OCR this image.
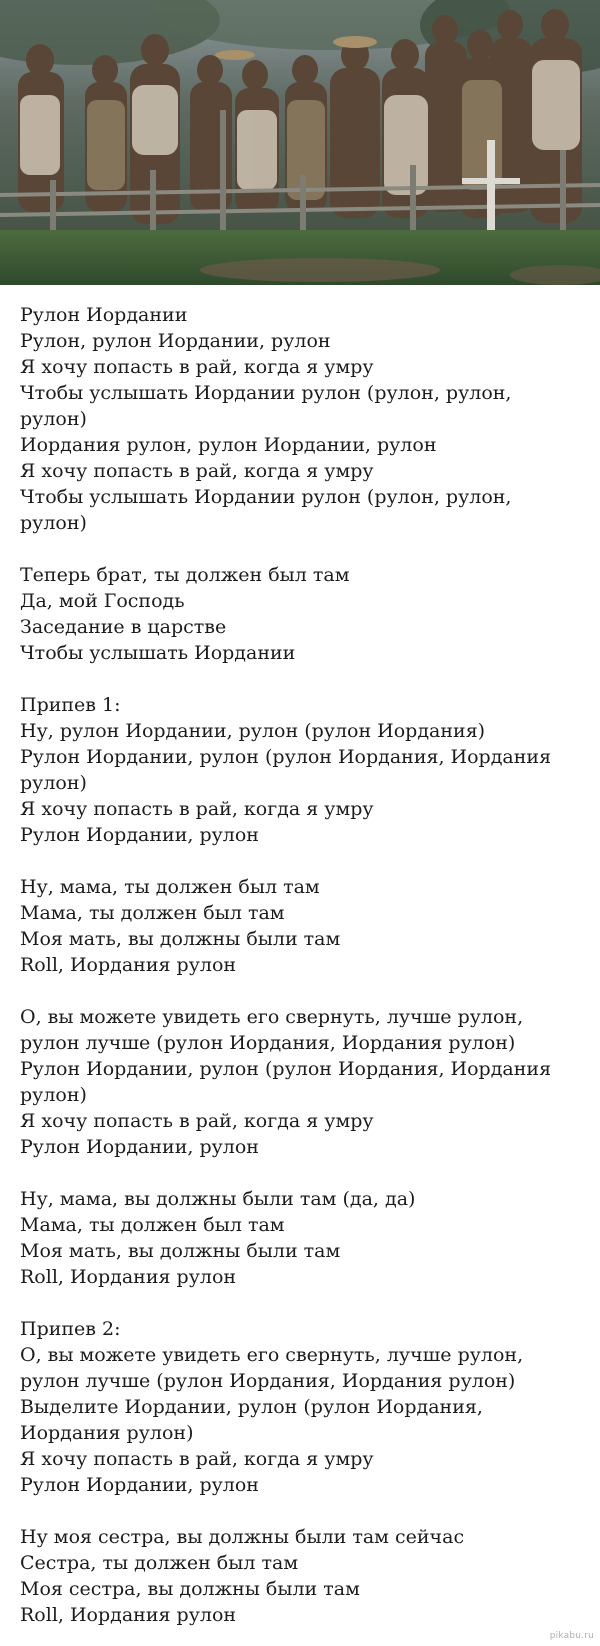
Рулон Иордании
Рулон, рулон Иордании, рулон
Я хочу попасть в рай, когда я умру
Чтобы услышать Иордании рулон (рулон, рулон, рулон)
Иордания рулон, рулон Иордании, рулон
Я хочу попасть в рай, когда я умру
Чтобы услышать Иордании рулон (рулон, рулон, рулон)
Теперь брат, ты должен был там
Да, мой Господь
Заседание в царстве
Чтобы услышать Иордании
Припев 1:
Ну, рулон Иордании, рулон (рулон Иордания)
Рулон Иордании, рулон (рулон Иордания, Иордания рулон)
Я хочу попасть в рай, когда я умру
Рулон Иордании, рулон
Ну, мама, ты должен был там
Мама, ты должен был там
Моя мать, вы должны были там
Roll, Иордания рулон
О, вы можете увидеть его свернуть, лучше рулон,
рулон лучше (рулон Иордания, Иордания рулон)
Рулон Иордании, рулон (рулон Иордания, Иордания рулон)
Я хочу попасть в рай, когда я умру
Рулон Иордании, рулон
Ну, мама, вы должны были там (да, да)
Мама, ты должен был там
Моя мать, вы должны были там
Roll, Иордания рулон
Припев 2:
О, вы можете увидеть его свернуть, лучше рулон,
рулон лучше (рулон Иордания, Иордания рулон)
Выделите Иордании, рулон (рулон Иордания, Иордания рулон)
Я хочу попасть в рай, когда я умру
Рулон Иордании, рулон
Ну моя сестра, вы должны были там сейчас
Сестра, ты должен был там
Моя сестра, вы должны были там
Roll, Иордания рулон
pikabu.ru
